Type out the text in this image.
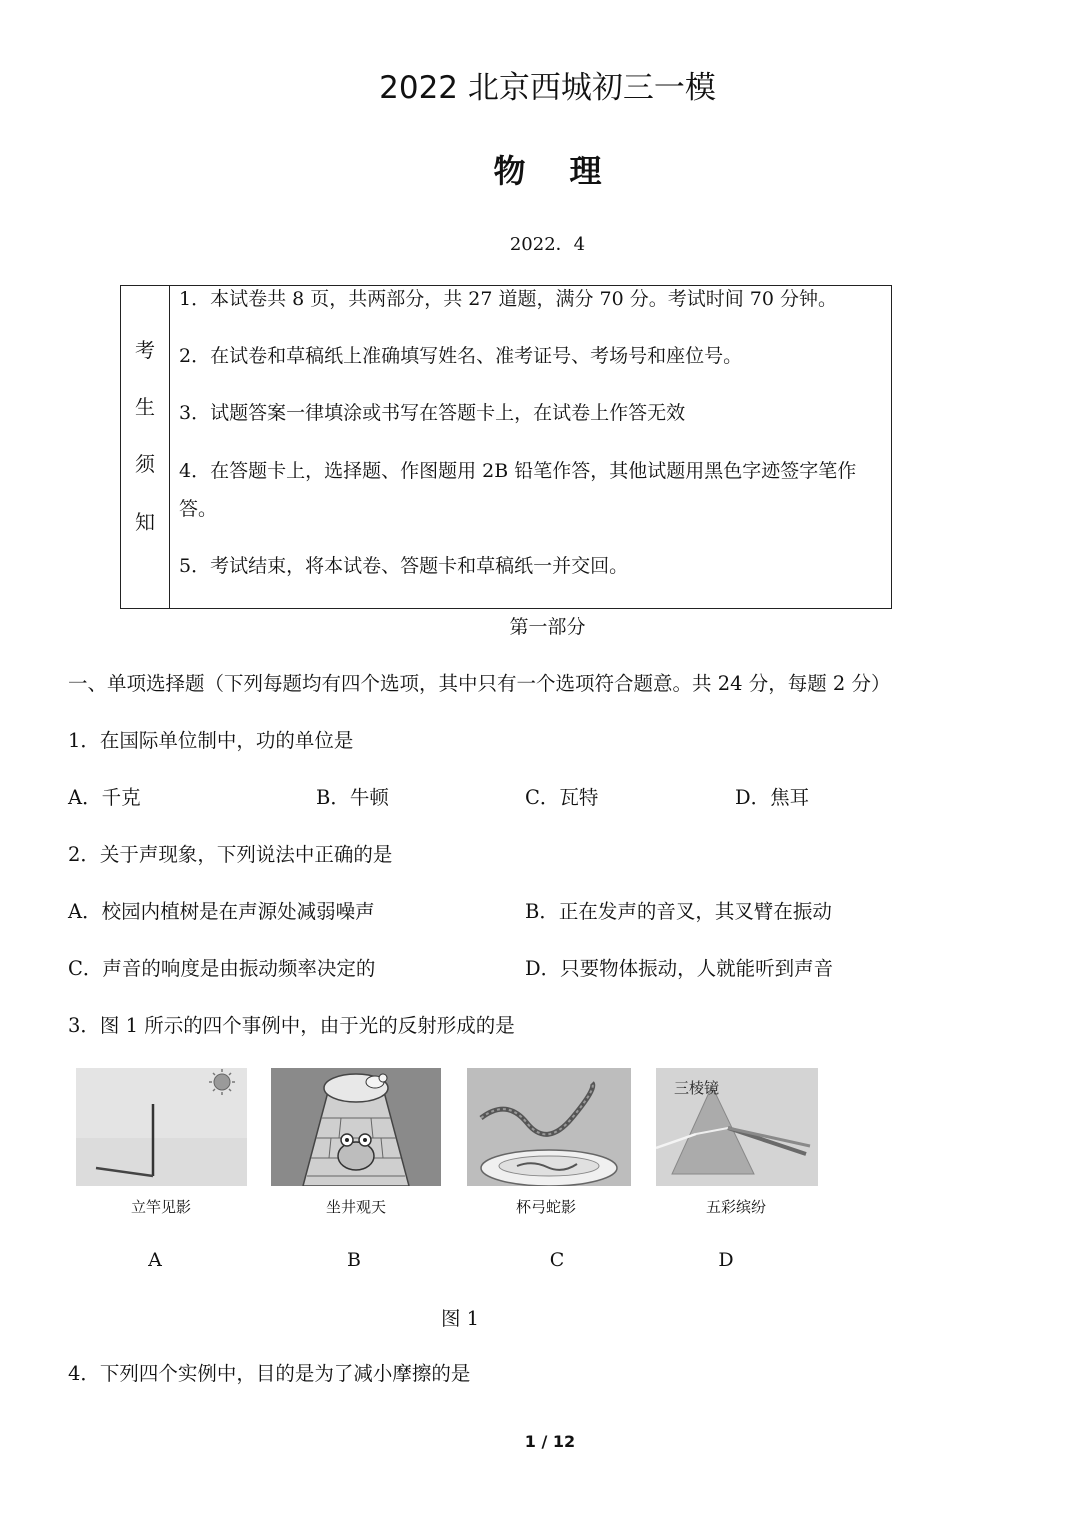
2022 北京西城初三一模
物理
2022．4
考
生
须
知
1．本试卷共 8 页，共两部分，共 27 道题，满分 70 分。考试时间 70 分钟。
2．在试卷和草稿纸上准确填写姓名、准考证号、考场号和座位号。
3．试题答案一律填涂或书写在答题卡上，在试卷上作答无效
4．在答题卡上，选择题、作图题用 2B 铅笔作答，其他试题用黑色字迹签字笔作
答。
5．考试结束，将本试卷、答题卡和草稿纸一并交回。
第一部分
一、单项选择题（下列每题均有四个选项，其中只有一个选项符合题意。共 24 分，每题 2 分）
1．在国际单位制中，功的单位是
A．千克	B．牛顿	C．瓦特	D．焦耳
2．关于声现象，下列说法中正确的是
A．校园内植树是在声源处减弱噪声	B．正在发声的音叉，其叉臂在振动
C．声音的响度是由振动频率决定的	D．只要物体振动，人就能听到声音
3．图 1 所示的四个事例中，由于光的反射形成的是
三棱镜
立竿见影	坐井观天	杯弓蛇影	五彩缤纷
A	B	C	D
图 1
4．下列四个实例中，目的是为了减小摩擦的是
1 / 12
